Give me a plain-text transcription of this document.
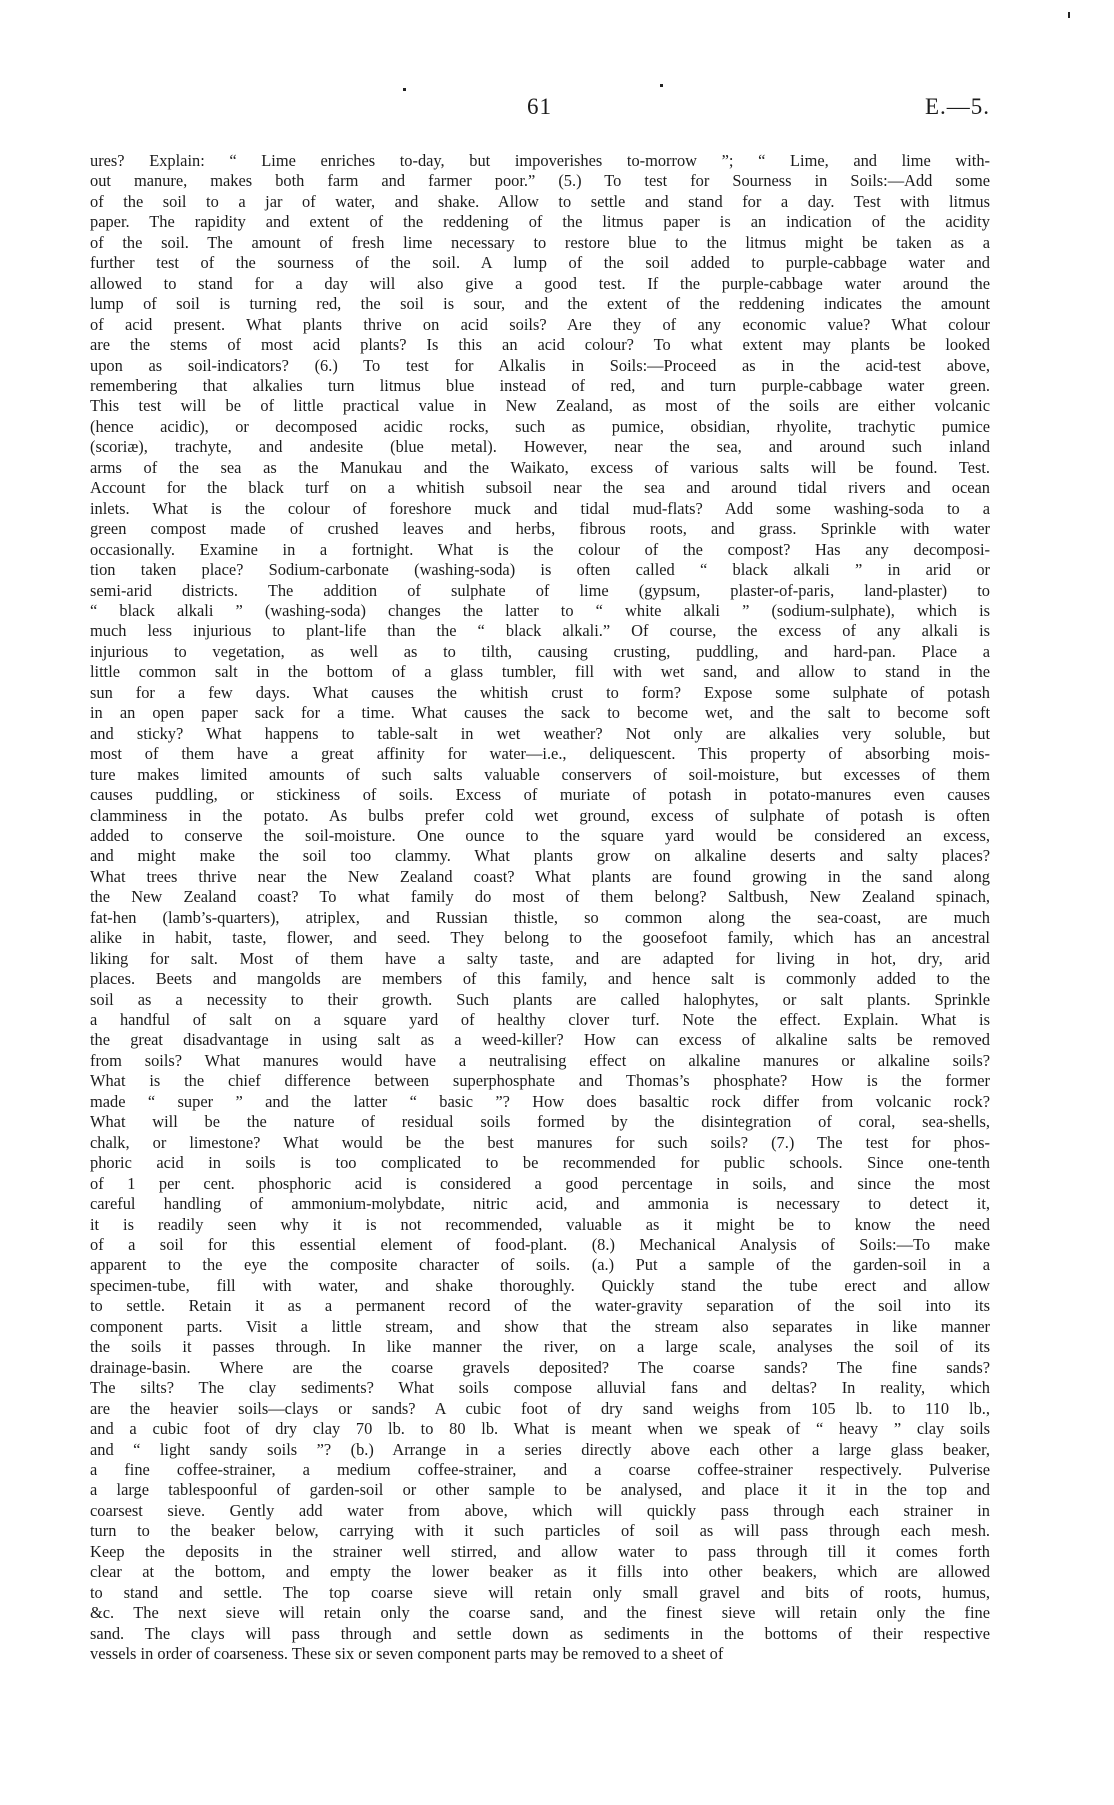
61	E.—5.
ures? Explain: “ Lime enriches to-day, but impoverishes to-morrow ”; “ Lime, and lime with-
out manure, makes both farm and farmer poor.” (5.) To test for Sourness in Soils:—Add some
of the soil to a jar of water, and shake. Allow to settle and stand for a day. Test with litmus
paper. The rapidity and extent of the reddening of the litmus paper is an indication of the acidity
of the soil. The amount of fresh lime necessary to restore blue to the litmus might be taken as a
further test of the sourness of the soil. A lump of the soil added to purple-cabbage water and
allowed to stand for a day will also give a good test. If the purple-cabbage water around the
lump of soil is turning red, the soil is sour, and the extent of the reddening indicates the amount
of acid present. What plants thrive on acid soils? Are they of any economic value? What colour
are the stems of most acid plants? Is this an acid colour? To what extent may plants be looked
upon as soil-indicators? (6.) To test for Alkalis in Soils:—Proceed as in the acid-test above,
remembering that alkalies turn litmus blue instead of red, and turn purple-cabbage water green.
This test will be of little practical value in New Zealand, as most of the soils are either volcanic
(hence acidic), or decomposed acidic rocks, such as pumice, obsidian, rhyolite, trachytic pumice
(scoriæ), trachyte, and andesite (blue metal). However, near the sea, and around such inland
arms of the sea as the Manukau and the Waikato, excess of various salts will be found. Test.
Account for the black turf on a whitish subsoil near the sea and around tidal rivers and ocean
inlets. What is the colour of foreshore muck and tidal mud-flats? Add some washing-soda to a
green compost made of crushed leaves and herbs, fibrous roots, and grass. Sprinkle with water
occasionally. Examine in a fortnight. What is the colour of the compost? Has any decomposi-
tion taken place? Sodium-carbonate (washing-soda) is often called “ black alkali ” in arid or
semi-arid districts. The addition of sulphate of lime (gypsum, plaster-of-paris, land-plaster) to
“ black alkali ” (washing-soda) changes the latter to “ white alkali ” (sodium-sulphate), which is
much less injurious to plant-life than the “ black alkali.” Of course, the excess of any alkali is
injurious to vegetation, as well as to tilth, causing crusting, puddling, and hard-pan. Place a
little common salt in the bottom of a glass tumbler, fill with wet sand, and allow to stand in the
sun for a few days. What causes the whitish crust to form? Expose some sulphate of potash
in an open paper sack for a time. What causes the sack to become wet, and the salt to become soft
and sticky? What happens to table-salt in wet weather? Not only are alkalies very soluble, but
most of them have a great affinity for water—i.e., deliquescent. This property of absorbing mois-
ture makes limited amounts of such salts valuable conservers of soil-moisture, but excesses of them
causes puddling, or stickiness of soils. Excess of muriate of potash in potato-manures even causes
clamminess in the potato. As bulbs prefer cold wet ground, excess of sulphate of potash is often
added to conserve the soil-moisture. One ounce to the square yard would be considered an excess,
and might make the soil too clammy. What plants grow on alkaline deserts and salty places?
What trees thrive near the New Zealand coast? What plants are found growing in the sand along
the New Zealand coast? To what family do most of them belong? Saltbush, New Zealand spinach,
fat-hen (lamb’s-quarters), atriplex, and Russian thistle, so common along the sea-coast, are much
alike in habit, taste, flower, and seed. They belong to the goosefoot family, which has an ancestral
liking for salt. Most of them have a salty taste, and are adapted for living in hot, dry, arid
places. Beets and mangolds are members of this family, and hence salt is commonly added to the
soil as a necessity to their growth. Such plants are called halophytes, or salt plants. Sprinkle
a handful of salt on a square yard of healthy clover turf. Note the effect. Explain. What is
the great disadvantage in using salt as a weed-killer? How can excess of alkaline salts be removed
from soils? What manures would have a neutralising effect on alkaline manures or alkaline soils?
What is the chief difference between superphosphate and Thomas’s phosphate? How is the former
made “ super ” and the latter “ basic ”? How does basaltic rock differ from volcanic rock?
What will be the nature of residual soils formed by the disintegration of coral, sea-shells,
chalk, or limestone? What would be the best manures for such soils? (7.) The test for phos-
phoric acid in soils is too complicated to be recommended for public schools. Since one-tenth
of 1 per cent. phosphoric acid is considered a good percentage in soils, and since the most
careful handling of ammonium-molybdate, nitric acid, and ammonia is necessary to detect it,
it is readily seen why it is not recommended, valuable as it might be to know the need
of a soil for this essential element of food-plant. (8.) Mechanical Analysis of Soils:—To make
apparent to the eye the composite character of soils. (a.) Put a sample of the garden-soil in a
specimen-tube, fill with water, and shake thoroughly. Quickly stand the tube erect and allow
to settle. Retain it as a permanent record of the water-gravity separation of the soil into its
component parts. Visit a little stream, and show that the stream also separates in like manner
the soils it passes through. In like manner the river, on a large scale, analyses the soil of its
drainage-basin. Where are the coarse gravels deposited? The coarse sands? The fine sands?
The silts? The clay sediments? What soils compose alluvial fans and deltas? In reality, which
are the heavier soils—clays or sands? A cubic foot of dry sand weighs from 105 lb. to 110 lb.,
and a cubic foot of dry clay 70 lb. to 80 lb. What is meant when we speak of “ heavy ” clay soils
and “ light sandy soils ”? (b.) Arrange in a series directly above each other a large glass beaker,
a fine coffee-strainer, a medium coffee-strainer, and a coarse coffee-strainer respectively. Pulverise
a large tablespoonful of garden-soil or other sample to be analysed, and place it it in the top and
coarsest sieve. Gently add water from above, which will quickly pass through each strainer in
turn to the beaker below, carrying with it such particles of soil as will pass through each mesh.
Keep the deposits in the strainer well stirred, and allow water to pass through till it comes forth
clear at the bottom, and empty the lower beaker as it fills into other beakers, which are allowed
to stand and settle. The top coarse sieve will retain only small gravel and bits of roots, humus,
&c. The next sieve will retain only the coarse sand, and the finest sieve will retain only the fine
sand. The clays will pass through and settle down as sediments in the bottoms of their respective
vessels in order of coarseness. These six or seven component parts may be removed to a sheet of
